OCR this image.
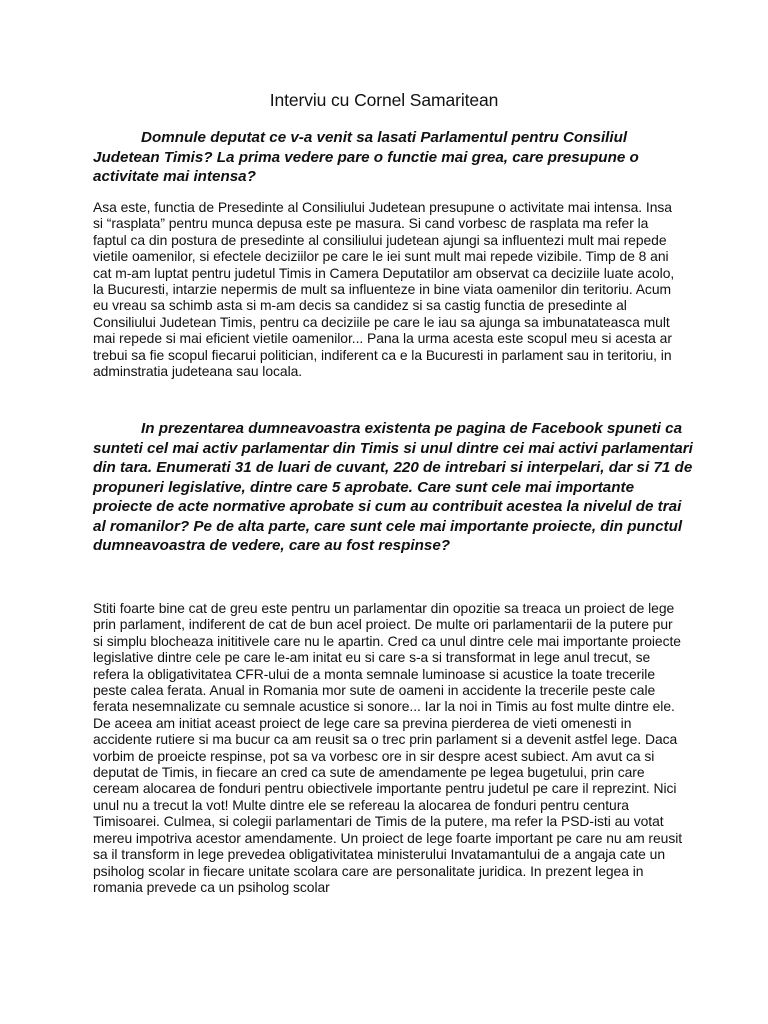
Interviu cu Cornel Samaritean

Domnule deputat ce v-a venit sa lasati Parlamentul pentru Consiliul Judetean Timis? La prima vedere pare o functie mai grea, care presupune o activitate mai intensa?

Asa este, functia de Presedinte al Consiliului Judetean presupune o activitate mai intensa. Insa si “rasplata” pentru munca depusa este pe masura. Si cand vorbesc de rasplata ma refer la faptul ca din postura de presedinte al consiliului judetean ajungi sa influentezi mult mai repede vietile oamenilor, si efectele deciziilor pe care le iei sunt mult mai repede vizibile. Timp de 8 ani cat m-am luptat pentru judetul Timis in Camera Deputatilor am observat ca deciziile luate acolo, la Bucuresti, intarzie nepermis de mult sa influenteze in bine viata oamenilor din teritoriu. Acum eu vreau sa schimb asta si m-am decis sa candidez si sa castig functia de presedinte al Consiliului Judetean Timis, pentru ca deciziile pe care le iau sa ajunga sa imbunatateasca mult mai repede si mai eficient vietile oamenilor... Pana la urma acesta este scopul meu si acesta ar trebui sa fie scopul fiecarui politician, indiferent ca e la Bucuresti in parlament sau in teritoriu, in adminstratia judeteana sau locala.

In prezentarea dumneavoastra existenta pe pagina de Facebook spuneti ca sunteti cel mai activ parlamentar din Timis si unul dintre cei mai activi parlamentari din tara. Enumerati 31 de luari de cuvant, 220 de intrebari si interpelari, dar si 71 de propuneri legislative, dintre care 5 aprobate. Care sunt cele mai importante proiecte de acte normative aprobate si cum au contribuit acestea la nivelul de trai al romanilor? Pe de alta parte, care sunt cele mai importante proiecte, din punctul dumneavoastra de vedere, care au fost respinse?

Stiti foarte bine cat de greu este pentru un parlamentar din opozitie sa treaca un proiect de lege prin parlament, indiferent de cat de bun acel proiect. De multe ori parlamentarii de la putere pur si simplu blocheaza inititivele care nu le apartin. Cred ca unul dintre cele mai importante proiecte legislative dintre cele pe care le-am initat eu si care s-a si transformat in lege anul trecut, se refera la obligativitatea CFR-ului de a monta semnale luminoase si acustice la toate trecerile peste calea ferata. Anual in Romania mor sute de oameni in accidente la trecerile peste cale ferata nesemnalizate cu semnale acustice si sonore... Iar la noi in Timis au fost multe dintre ele. De aceea am initiat aceast proiect de lege care sa previna pierderea de vieti omenesti in accidente rutiere si ma bucur ca am reusit sa o trec prin parlament si a devenit astfel lege. Daca vorbim de proeicte respinse, pot sa va vorbesc ore in sir despre acest subiect. Am avut ca si deputat de Timis, in fiecare an cred ca sute de amendamente pe legea bugetului, prin care ceream alocarea de fonduri pentru obiectivele importante pentru judetul pe care il reprezint. Nici unul nu a trecut la vot! Multe dintre ele se refereau la alocarea de fonduri pentru centura Timisoarei. Culmea, si colegii parlamentari de Timis de la putere, ma refer la PSD-isti au votat mereu impotriva acestor amendamente. Un proiect de lege foarte important pe care nu am reusit sa il transform in lege prevedea obligativitatea ministerului Invatamantului de a angaja cate un psiholog scolar in fiecare unitate scolara care are personalitate juridica. In prezent legea in romania prevede ca un psiholog scolar
